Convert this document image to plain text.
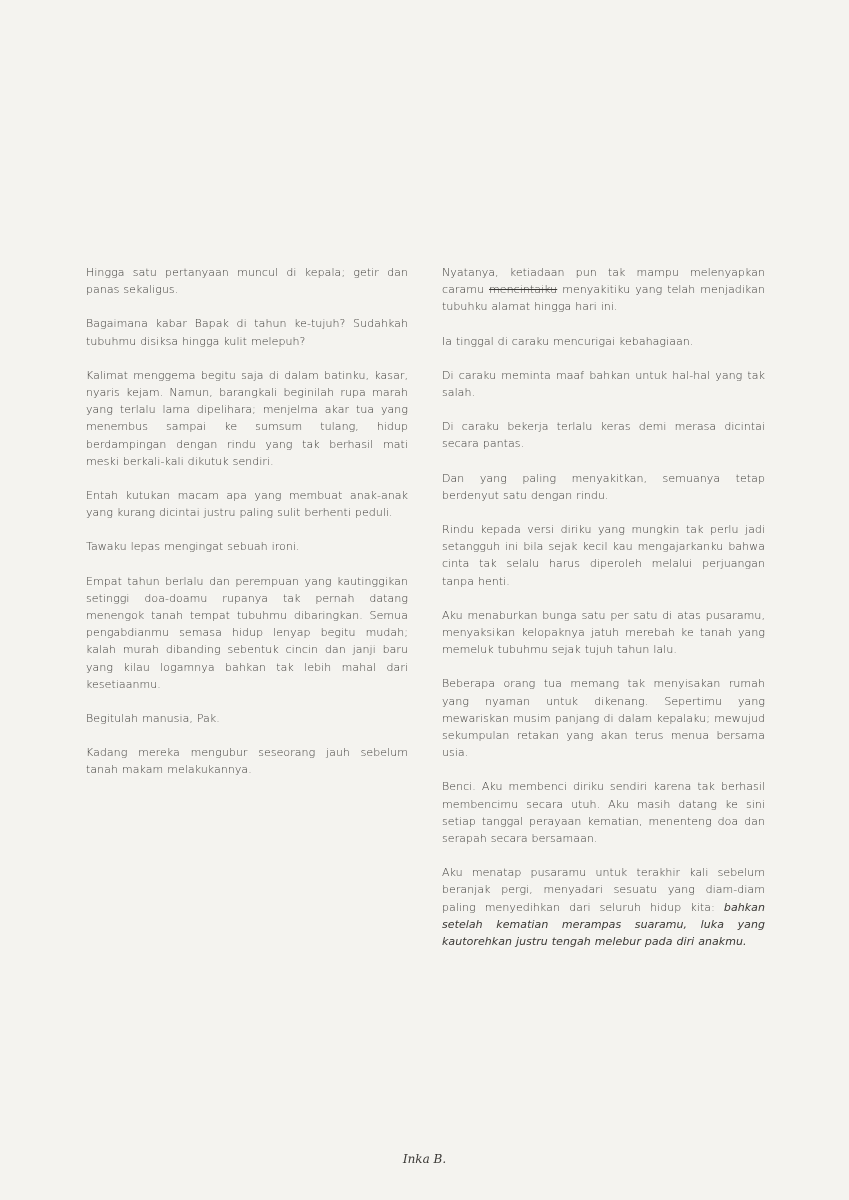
Hingga satu pertanyaan muncul di kepala; getir dan panas sekaligus.

Bagaimana kabar Bapak di tahun ke-tujuh? Sudahkah tubuhmu disiksa hingga kulit melepuh?

Kalimat menggema begitu saja di dalam batinku, kasar, nyaris kejam. Namun, barangkali beginilah rupa marah yang terlalu lama dipelihara; menjelma akar tua yang menembus sampai ke sumsum tulang, hidup berdampingan dengan rindu yang tak berhasil mati meski berkali-kali dikutuk sendiri.

Entah kutukan macam apa yang membuat anak-anak yang kurang dicintai justru paling sulit berhenti peduli.

Tawaku lepas mengingat sebuah ironi.

Empat tahun berlalu dan perempuan yang kautinggikan setinggi doa-doamu rupanya tak pernah datang menengok tanah tempat tubuhmu dibaringkan. Semua pengabdianmu semasa hidup lenyap begitu mudah; kalah murah dibanding sebentuk cincin dan janji baru yang kilau logamnya bahkan tak lebih mahal dari kesetiaanmu.

Begitulah manusia, Pak.

Kadang mereka mengubur seseorang jauh sebelum tanah makam melakukannya.

Nyatanya, ketiadaan pun tak mampu melenyapkan caramu mencintaiku menyakitiku yang telah menjadikan tubuhku alamat hingga hari ini.

Ia tinggal di caraku mencurigai kebahagiaan.

Di caraku meminta maaf bahkan untuk hal-hal yang tak salah.

Di caraku bekerja terlalu keras demi merasa dicintai secara pantas.

Dan yang paling menyakitkan, semuanya tetap berdenyut satu dengan rindu.

Rindu kepada versi diriku yang mungkin tak perlu jadi setangguh ini bila sejak kecil kau mengajarkanku bahwa cinta tak selalu harus diperoleh melalui perjuangan tanpa henti.

Aku menaburkan bunga satu per satu di atas pusaramu, menyaksikan kelopaknya jatuh merebah ke tanah yang memeluk tubuhmu sejak tujuh tahun lalu.

Beberapa orang tua memang tak menyisakan rumah yang nyaman untuk dikenang. Sepertimu yang mewariskan musim panjang di dalam kepalaku; mewujud sekumpulan retakan yang akan terus menua bersama usia.

Benci. Aku membenci diriku sendiri karena tak berhasil membencimu secara utuh. Aku masih datang ke sini setiap tanggal perayaan kematian, menenteng doa dan serapah secara bersamaan.

Aku menatap pusaramu untuk terakhir kali sebelum beranjak pergi, menyadari sesuatu yang diam-diam paling menyedihkan dari seluruh hidup kita: bahkan setelah kematian merampas suaramu, luka yang kautorehkan justru tengah melebur pada diri anakmu.

Inka B.
